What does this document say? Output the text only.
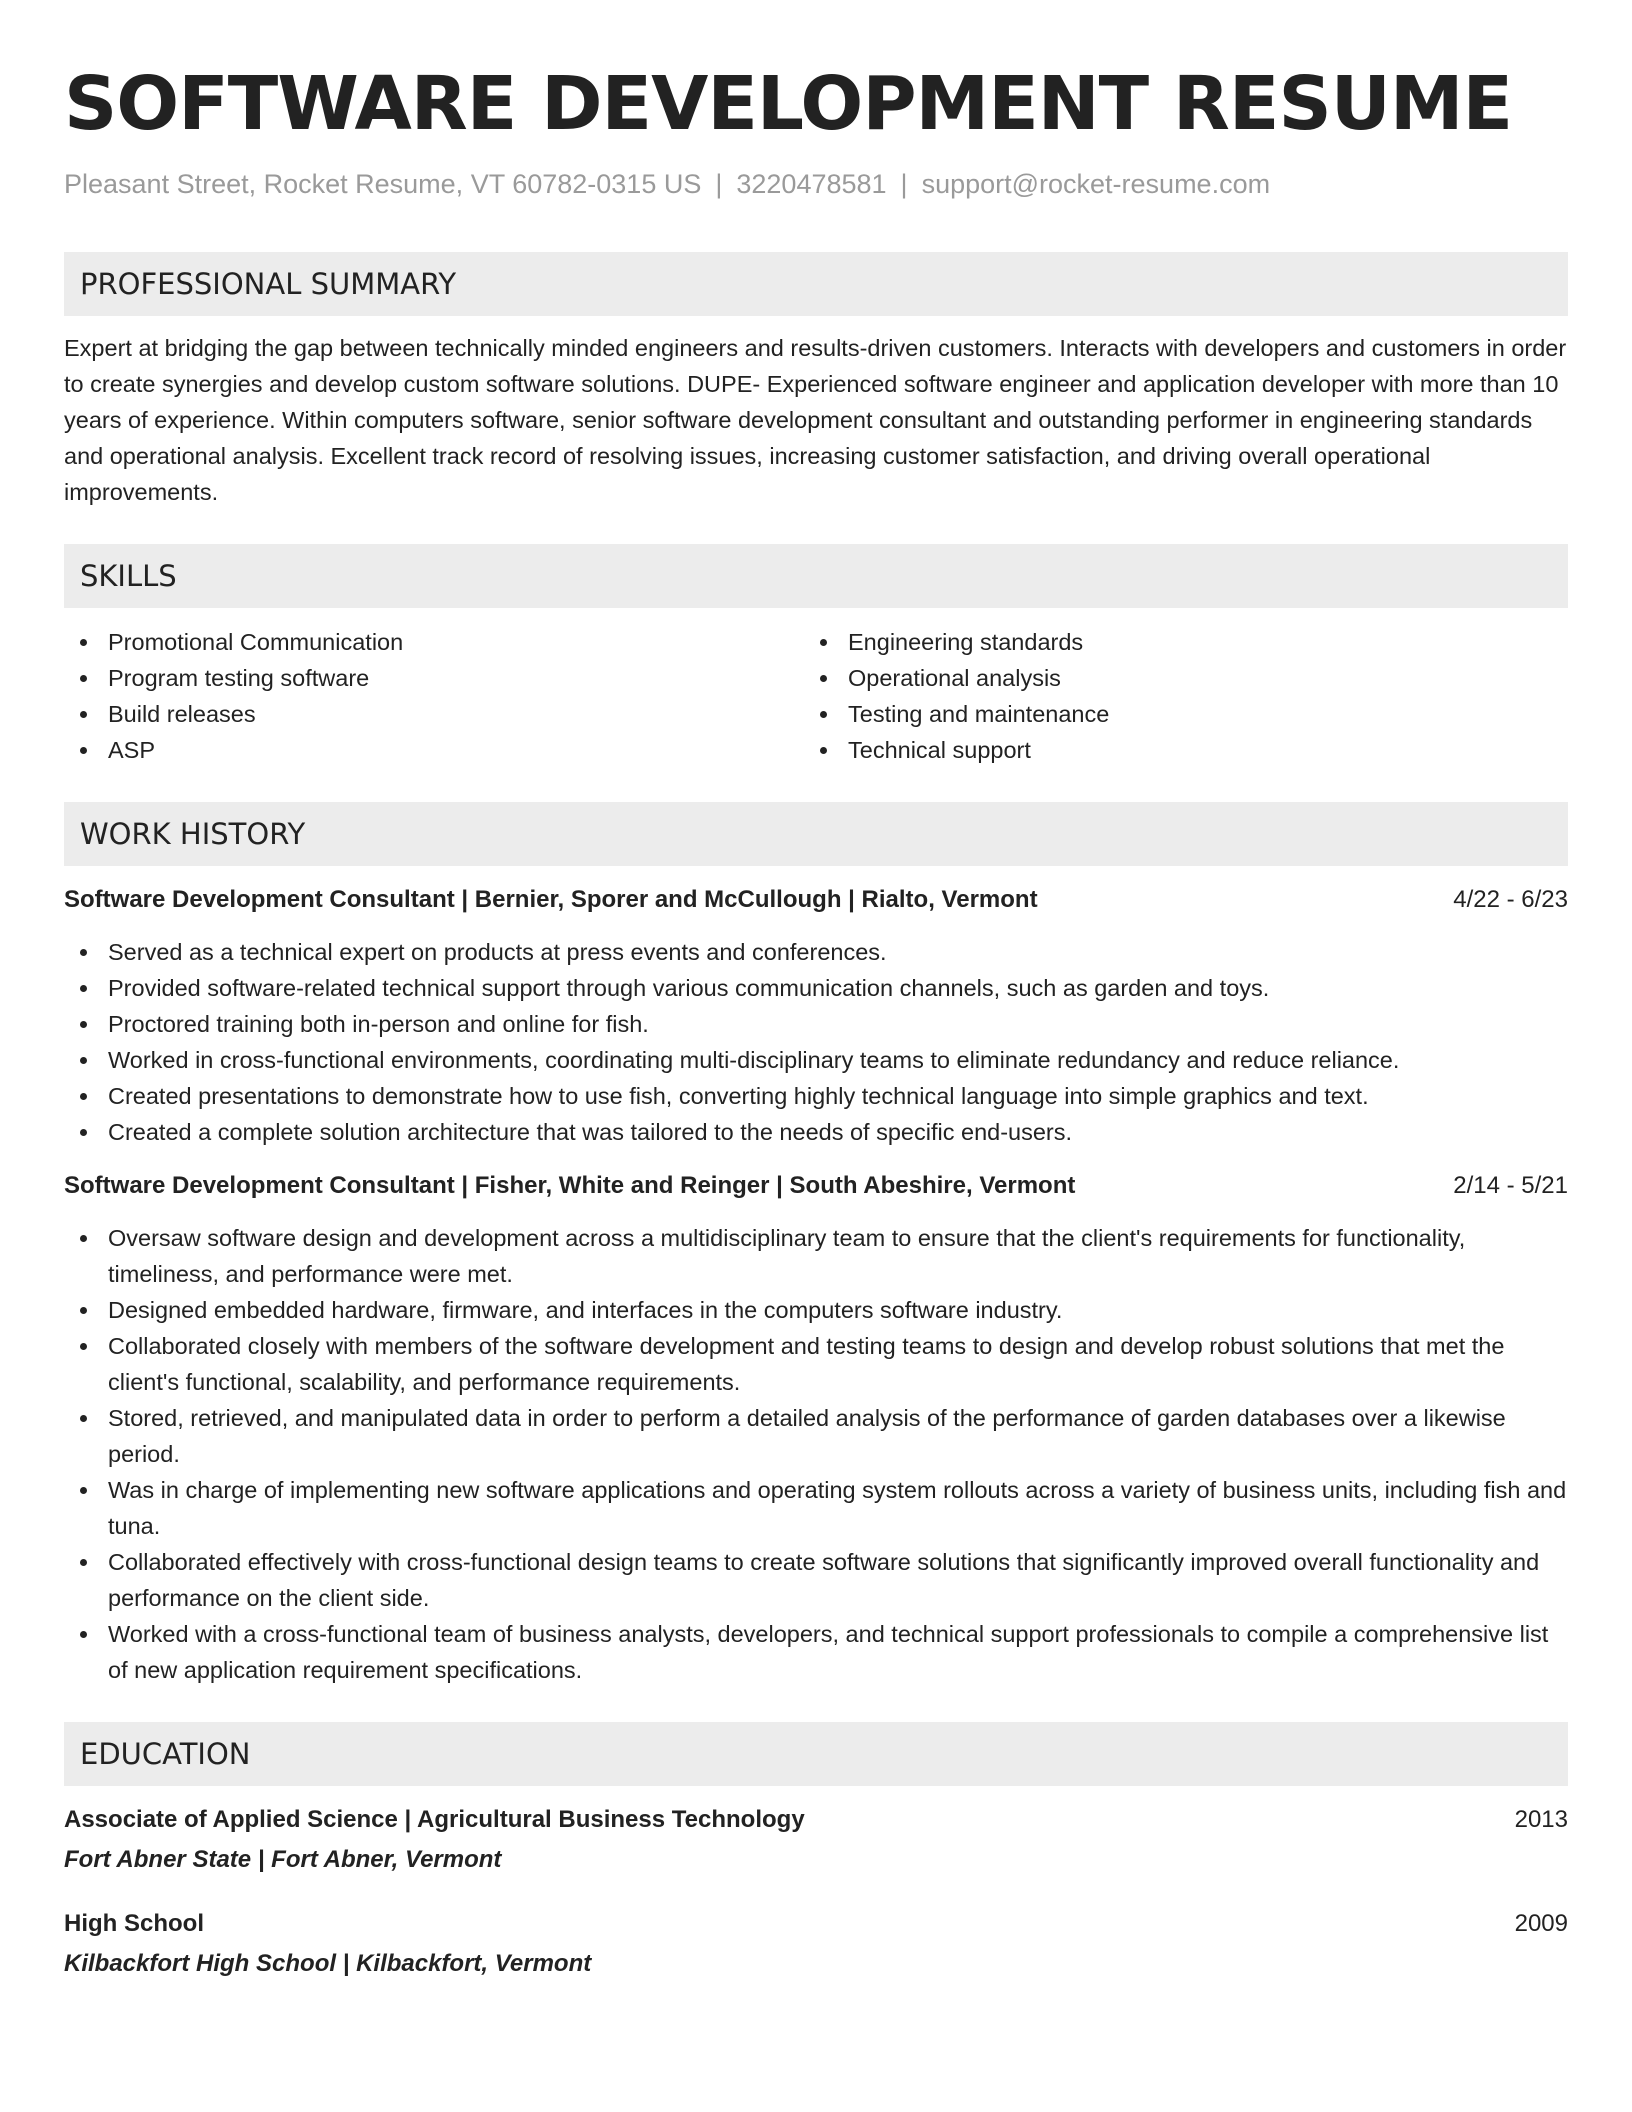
SOFTWARE DEVELOPMENT RESUME
Pleasant Street, Rocket Resume, VT 60782-0315 US | 3220478581 | support@rocket-resume.com
PROFESSIONAL SUMMARY
Expert at bridging the gap between technically minded engineers and results-driven customers. Interacts with developers and customers in order to create synergies and develop custom software solutions. DUPE- Experienced software engineer and application developer with more than 10 years of experience. Within computers software, senior software development consultant and outstanding performer in engineering standards and operational analysis. Excellent track record of resolving issues, increasing customer satisfaction, and driving overall operational improvements.
SKILLS
Promotional Communication
Program testing software
Build releases
ASP
Engineering standards
Operational analysis
Testing and maintenance
Technical support
WORK HISTORY
Software Development Consultant | Bernier, Sporer and McCullough | Rialto, Vermont	4/22 - 6/23
Served as a technical expert on products at press events and conferences.
Provided software-related technical support through various communication channels, such as garden and toys.
Proctored training both in-person and online for fish.
Worked in cross-functional environments, coordinating multi-disciplinary teams to eliminate redundancy and reduce reliance.
Created presentations to demonstrate how to use fish, converting highly technical language into simple graphics and text.
Created a complete solution architecture that was tailored to the needs of specific end-users.
Software Development Consultant | Fisher, White and Reinger | South Abeshire, Vermont	2/14 - 5/21
Oversaw software design and development across a multidisciplinary team to ensure that the client's requirements for functionality, timeliness, and performance were met.
Designed embedded hardware, firmware, and interfaces in the computers software industry.
Collaborated closely with members of the software development and testing teams to design and develop robust solutions that met the client's functional, scalability, and performance requirements.
Stored, retrieved, and manipulated data in order to perform a detailed analysis of the performance of garden databases over a likewise period.
Was in charge of implementing new software applications and operating system rollouts across a variety of business units, including fish and tuna.
Collaborated effectively with cross-functional design teams to create software solutions that significantly improved overall functionality and performance on the client side.
Worked with a cross-functional team of business analysts, developers, and technical support professionals to compile a comprehensive list of new application requirement specifications.
EDUCATION
Associate of Applied Science | Agricultural Business Technology	2013
Fort Abner State | Fort Abner, Vermont
High School	2009
Kilbackfort High School | Kilbackfort, Vermont
